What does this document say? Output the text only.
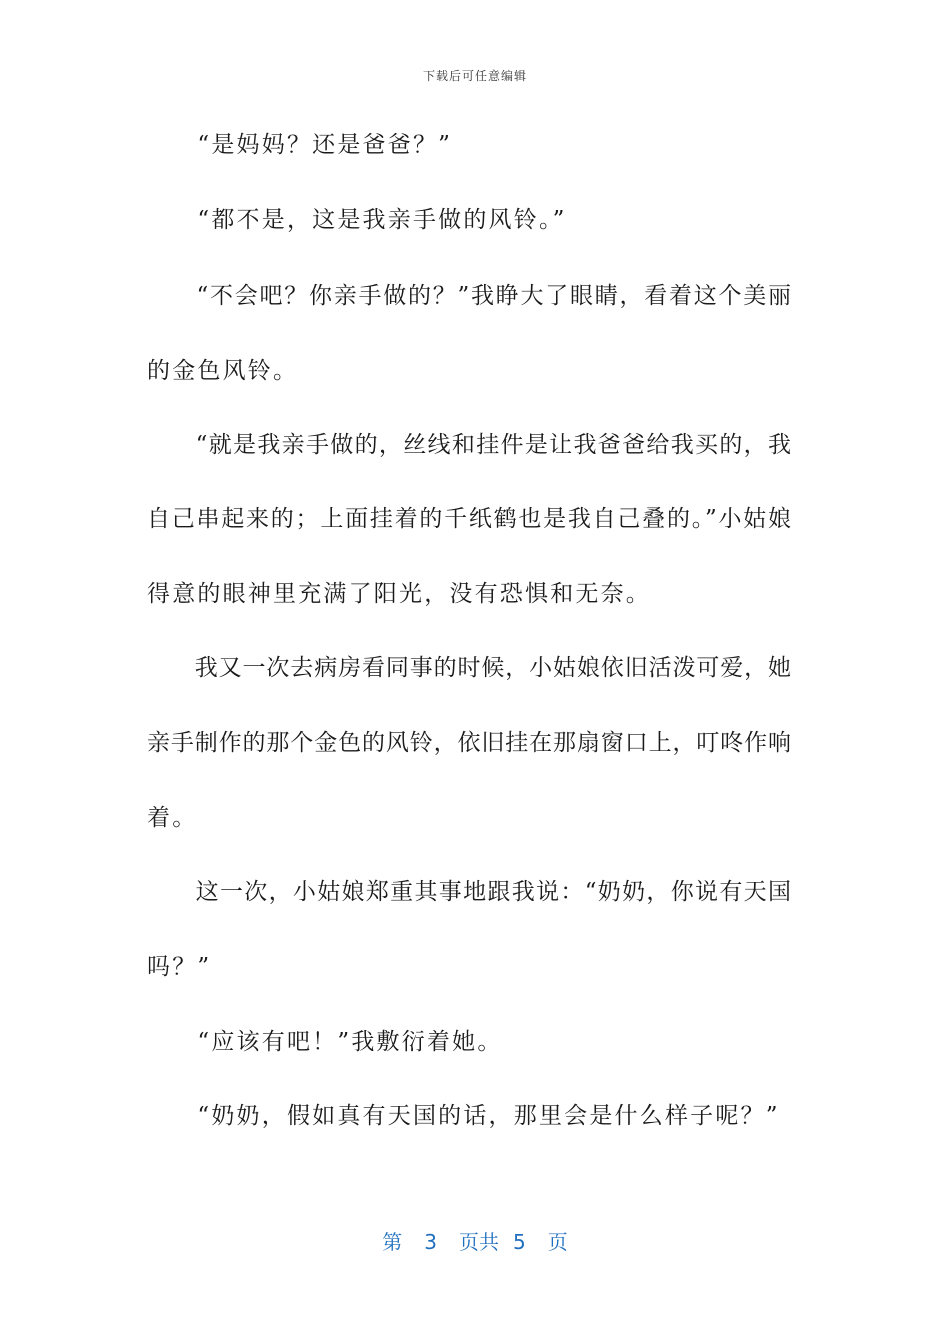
下载后可任意编辑
　　“是妈妈？还是爸爸？”
　　“都不是，这是我亲手做的风铃。”
　　“不会吧？你亲手做的？”我睁大了眼睛，看着这个美丽
的金色风铃。
　　“就是我亲手做的，丝线和挂件是让我爸爸给我买的，我
自己串起来的；上面挂着的千纸鹤也是我自己叠的。”小姑娘
得意的眼神里充满了阳光，没有恐惧和无奈。
　　我又一次去病房看同事的时候，小姑娘依旧活泼可爱，她
亲手制作的那个金色的风铃，依旧挂在那扇窗口上，叮咚作响
着。
　　这一次，小姑娘郑重其事地跟我说：“奶奶，你说有天国
吗？”
　　“应该有吧！”我敷衍着她。
　　“奶奶，假如真有天国的话，那里会是什么样子呢？”
第 3 页共 5 页
